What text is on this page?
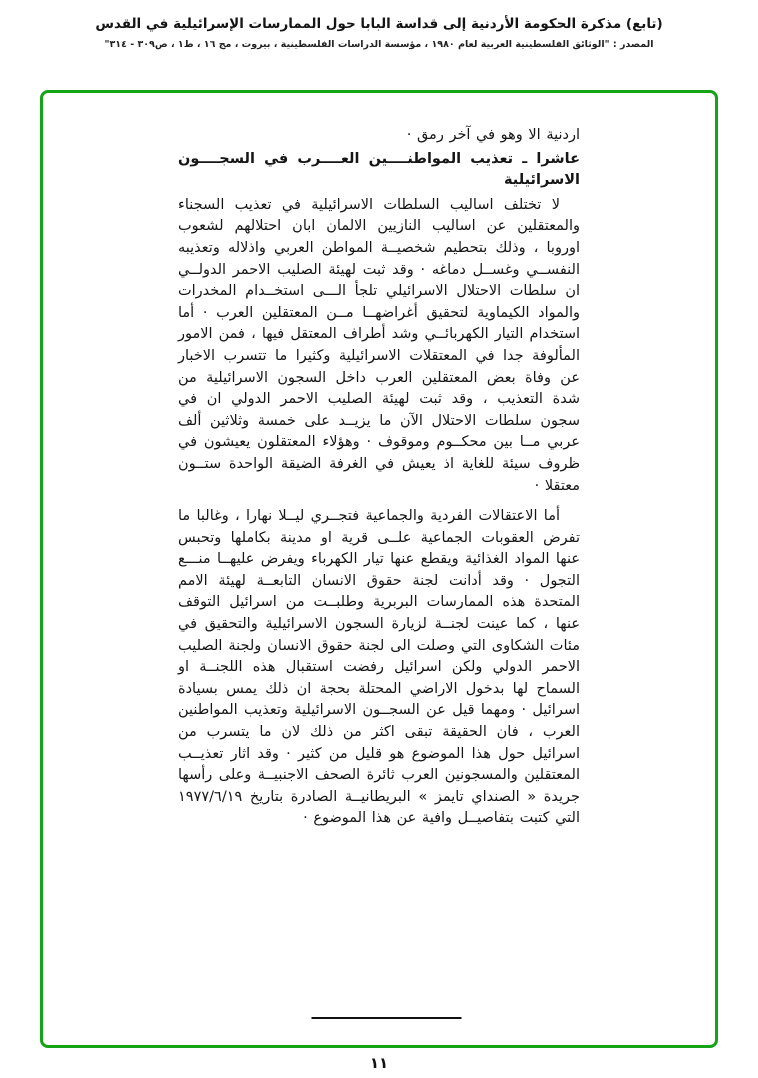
(تابع) مذكرة الحكومة الأردنية إلى قداسة البابا حول الممارسات الإسرائيلية في القدس
المصدر : "الوثائق الفلسطينية العربية لعام ١٩٨٠ ، مؤسسة الدراسات الفلسطينية ، بيروت ، مج ١٦ ، ط١ ، ص٣٠٩ - ٣١٤"

اردنية الا وهو في آخر رمق ·

عاشرا ـ تعذيب المواطنــــين العــــرب في السجــــون

الاسرائيلية

لا تختلف اساليب السلطات الاسرائيلية في تعذيب السجناء والمعتقلين عن اساليب النازيين الالمان ابان احتلالهم لشعوب اوروبا ، وذلك بتحطيم شخصيــة المواطن العربي واذلاله وتعذيبه النفســي وغســل دماغه · وقد ثبت لهيئة الصليب الاحمر الدولــي ان سلطات الاحتلال الاسرائيلي تلجأ الـــى استخــدام المخدرات والمواد الكيماوية لتحقيق أغراضهــا مــن المعتقلين العرب · أما استخدام التيار الكهربائــي وشد أطراف المعتقل فيها ، فمن الامور المألوفة جدا في المعتقلات الاسرائيلية وكثيرا ما تتسرب الاخبار عن وفاة بعض المعتقلين العرب داخل السجون الاسرائيلية من شدة التعذيب ، وقد ثبت لهيئة الصليب الاحمر الدولي ان في سجون سلطات الاحتلال الآن ما يزيــد على خمسة وثلاثين ألف عربي مــا بين محكــوم وموقوف · وهؤلاء المعتقلون يعيشون في ظروف سيئة للغاية اذ يعيش في الغرفة الضيقة الواحدة ستــون معتقلا ·

أما الاعتقالات الفردية والجماعية فتجــري ليــلا نهارا ، وغالبا ما تفرض العقوبات الجماعية علــى قرية او مدينة بكاملها وتحبس عنها المواد الغذائية ويقطع عنها تيار الكهرباء ويفرض عليهــا منـــع التجول · وقد أدانت لجنة حقوق الانسان التابعــة لهيئة الامم المتحدة هذه الممارسات البربرية وطلبــت من اسرائيل التوقف عنها ، كما عينت لجنــة لزيارة السجون الاسرائيلية والتحقيق في مئات الشكاوى التي وصلت الى لجنة حقوق الانسان ولجنة الصليب الاحمر الدولي ولكن اسرائيل رفضت استقبال هذه اللجنــة او السماح لها بدخول الاراضي المحتلة بحجة ان ذلك يمس بسيادة اسرائيل · ومهما قيل عن السجــون الاسرائيلية وتعذيب المواطنين العرب ، فان الحقيقة تبقى اكثر من ذلك لان ما يتسرب من اسرائيل حول هذا الموضوع هو قليل من كثير · وقد اثار تعذيــب المعتقلين والمسجونين العرب ثائرة الصحف الاجنبيــة وعلى رأسها جريدة « الصنداي تايمز » البريطانيــة الصادرة بتاريخ ١٩٧٧/٦/١٩ التي كتبت بتفاصيــل وافية عن هذا الموضوع ·

١١
